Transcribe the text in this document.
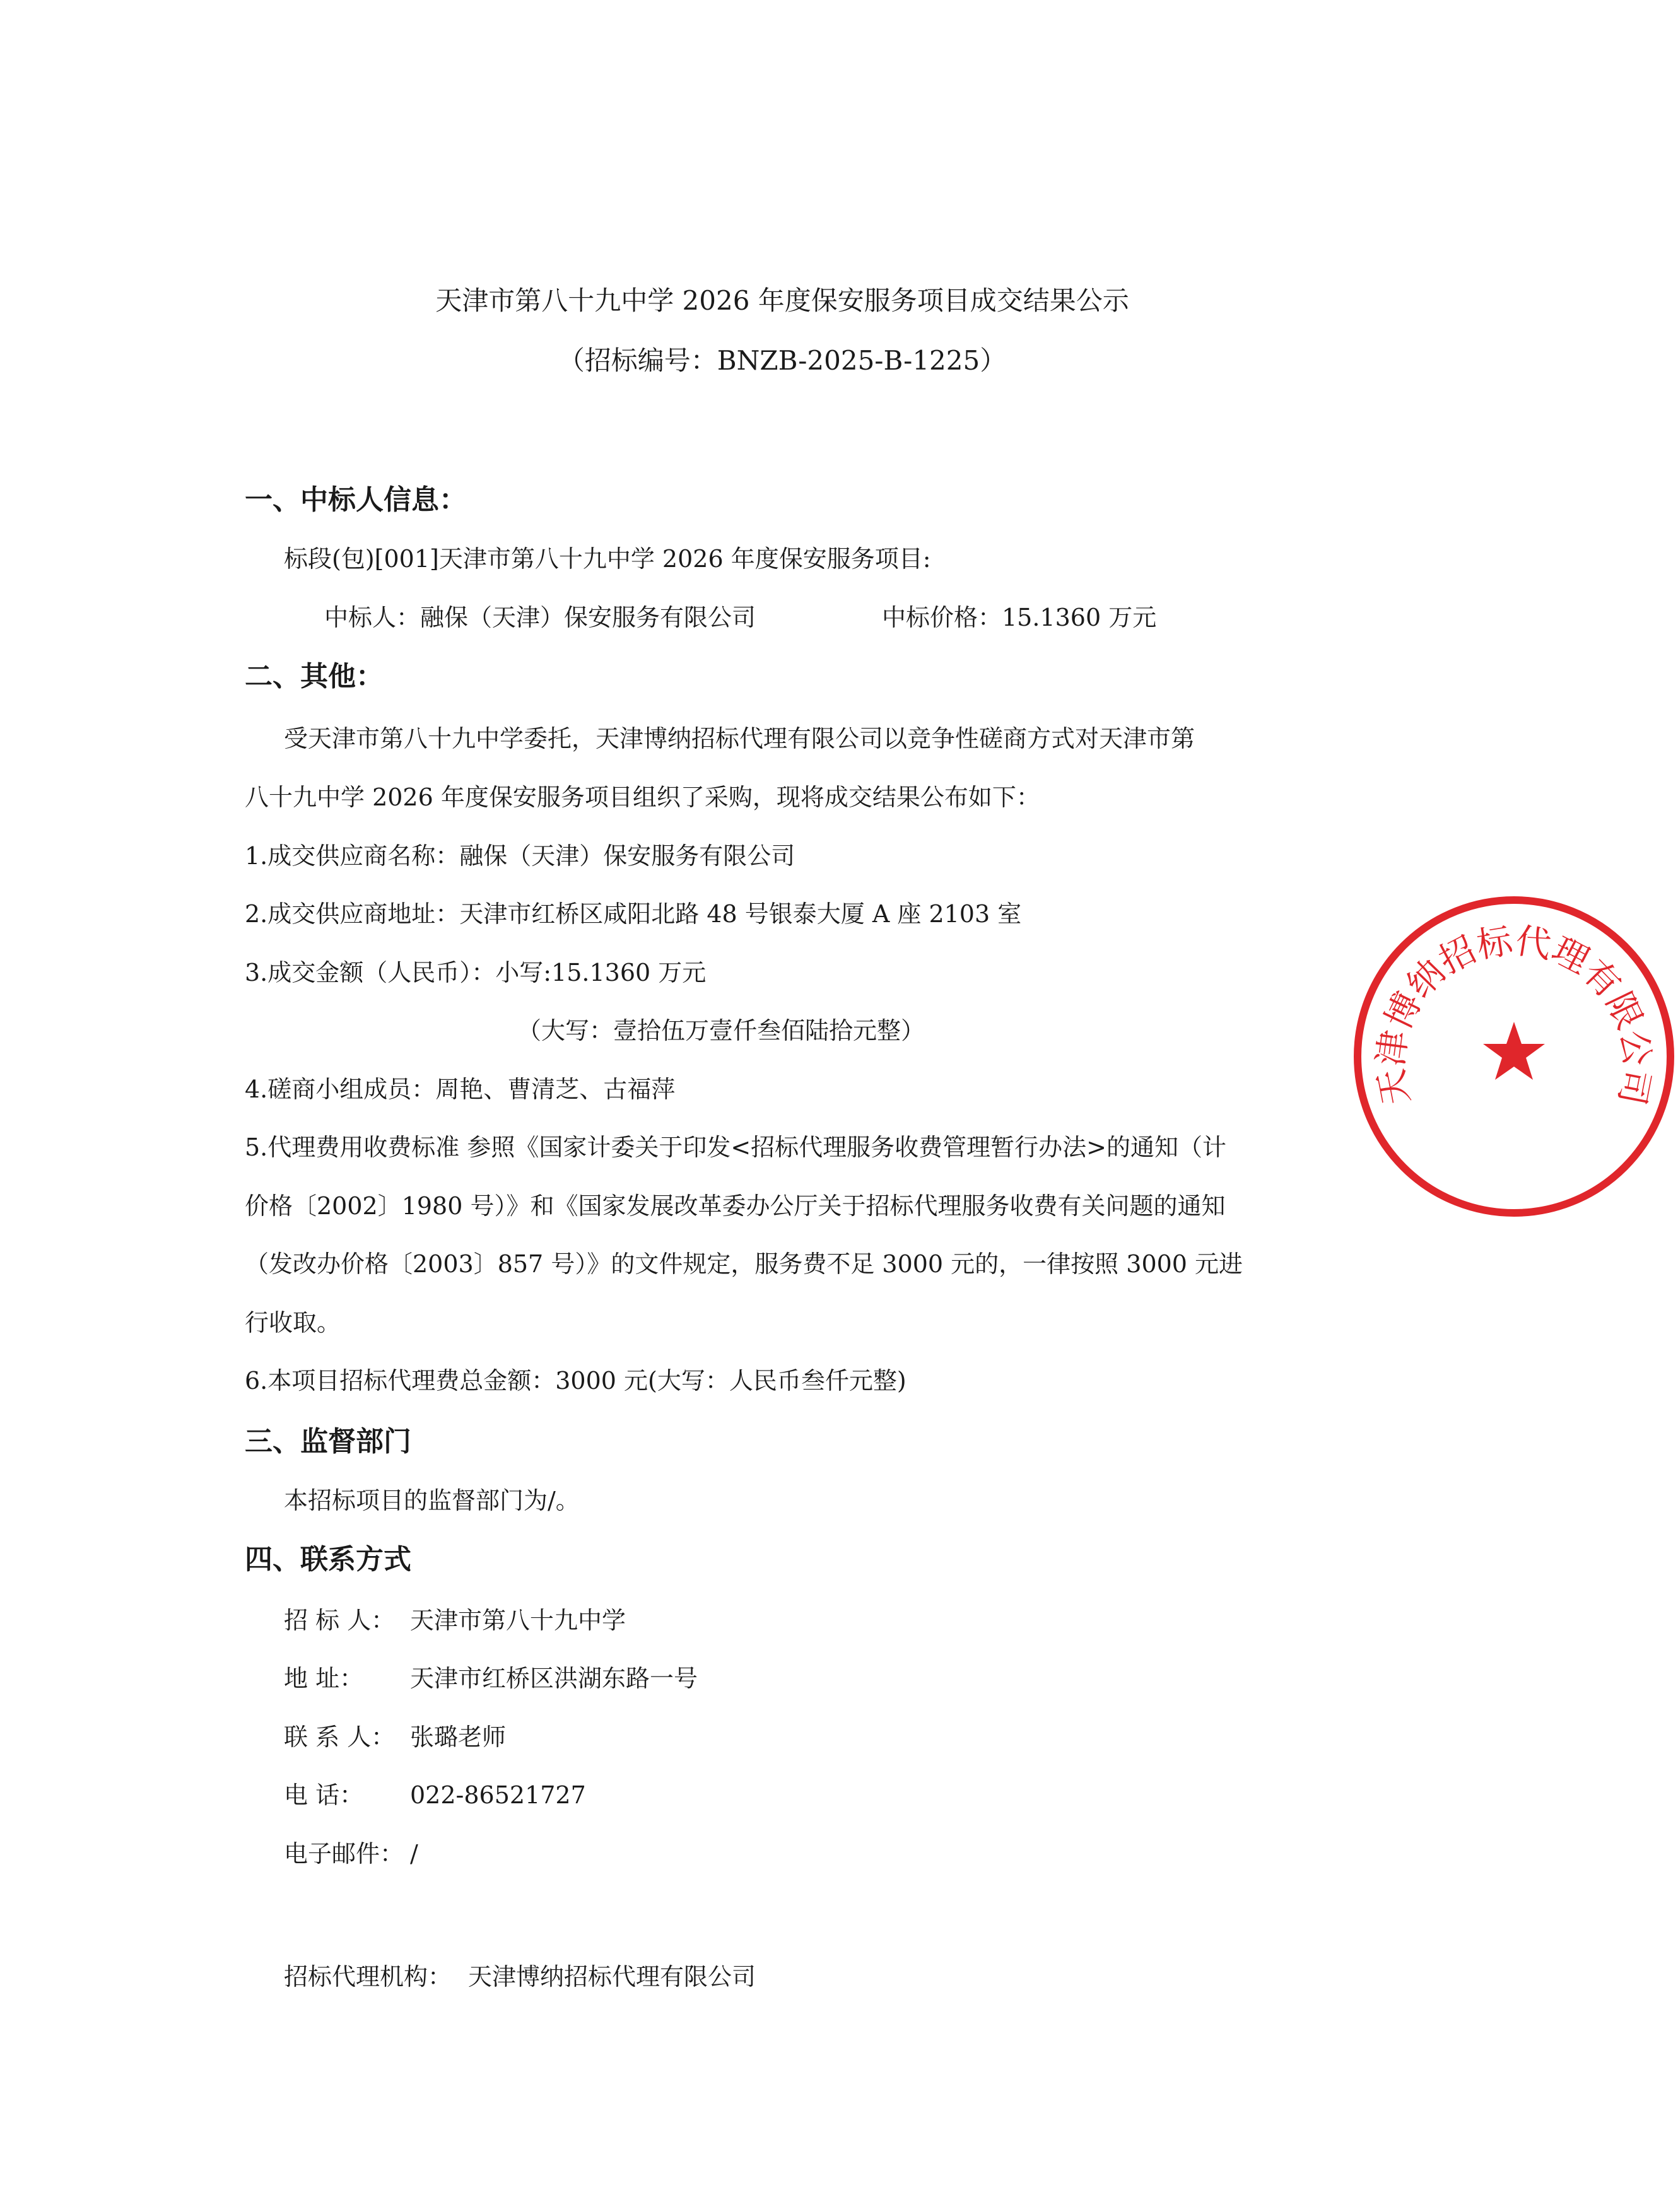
天津市第八十九中学 2026 年度保安服务项目成交结果公示
（招标编号：BNZB-2025-B-1225）
一、中标人信息：
标段(包)[001]天津市第八十九中学 2026 年度保安服务项目:
中标人：融保（天津）保安服务有限公司	中标价格：15.1360 万元
二、其他：
受天津市第八十九中学委托，天津博纳招标代理有限公司以竞争性磋商方式对天津市第
八十九中学 2026 年度保安服务项目组织了采购，现将成交结果公布如下：
1.成交供应商名称：融保（天津）保安服务有限公司
2.成交供应商地址：天津市红桥区咸阳北路 48 号银泰大厦 A 座 2103 室
3.成交金额（人民币）：小写:15.1360 万元
（大写：壹拾伍万壹仟叁佰陆拾元整）
4.磋商小组成员：周艳、曹清芝、古福萍
5.代理费用收费标准 参照《国家计委关于印发<招标代理服务收费管理暂行办法>的通知（计
价格〔2002〕1980 号）》和《国家发展改革委办公厅关于招标代理服务收费有关问题的通知
（发改办价格〔2003〕857 号）》的文件规定，服务费不足 3000 元的，一律按照 3000 元进
行收取。
6.本项目招标代理费总金额：3000 元(大写：人民币叁仟元整)
三、监督部门
本招标项目的监督部门为/。
四、联系方式
招 标 人： 天津市第八十九中学
地 址： 天津市红桥区洪湖东路一号
联 系 人： 张璐老师
电 话： 022-86521727
电子邮件： /
招标代理机构： 天津博纳招标代理有限公司
天津博纳招标代理有限公司
